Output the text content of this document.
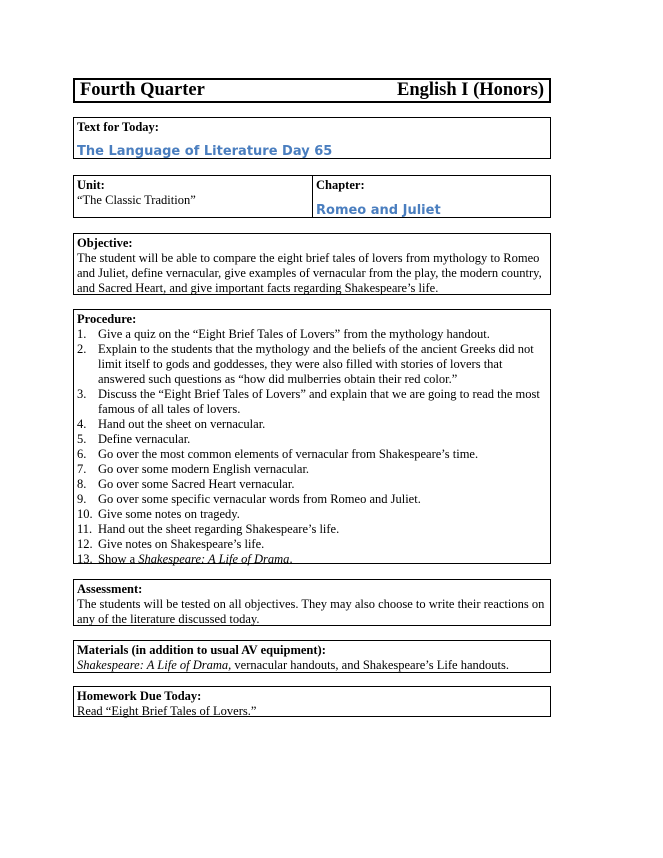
Fourth Quarter	English I (Honors)
Text for Today:
The Language of Literature Day 65
Unit:
“The Classic Tradition”
Chapter:
Romeo and Juliet
Objective:
The student will be able to compare the eight brief tales of lovers from mythology to Romeo and Juliet, define vernacular, give examples of vernacular from the play, the modern country, and Sacred Heart, and give important facts regarding Shakespeare’s life.
Procedure:
1. Give a quiz on the “Eight Brief Tales of Lovers” from the mythology handout.
2. Explain to the students that the mythology and the beliefs of the ancient Greeks did not limit itself to gods and goddesses, they were also filled with stories of lovers that answered such questions as “how did mulberries obtain their red color.”
3. Discuss the “Eight Brief Tales of Lovers” and explain that we are going to read the most famous of all tales of lovers.
4. Hand out the sheet on vernacular.
5. Define vernacular.
6. Go over the most common elements of vernacular from Shakespeare’s time.
7. Go over some modern English vernacular.
8. Go over some Sacred Heart vernacular.
9. Go over some specific vernacular words from Romeo and Juliet.
10. Give some notes on tragedy.
11. Hand out the sheet regarding Shakespeare’s life.
12. Give notes on Shakespeare’s life.
13. Show a Shakespeare: A Life of Drama.
Assessment:
The students will be tested on all objectives. They may also choose to write their reactions on any of the literature discussed today.
Materials (in addition to usual AV equipment):
Shakespeare: A Life of Drama, vernacular handouts, and Shakespeare’s Life handouts.
Homework Due Today:
Read “Eight Brief Tales of Lovers.”
